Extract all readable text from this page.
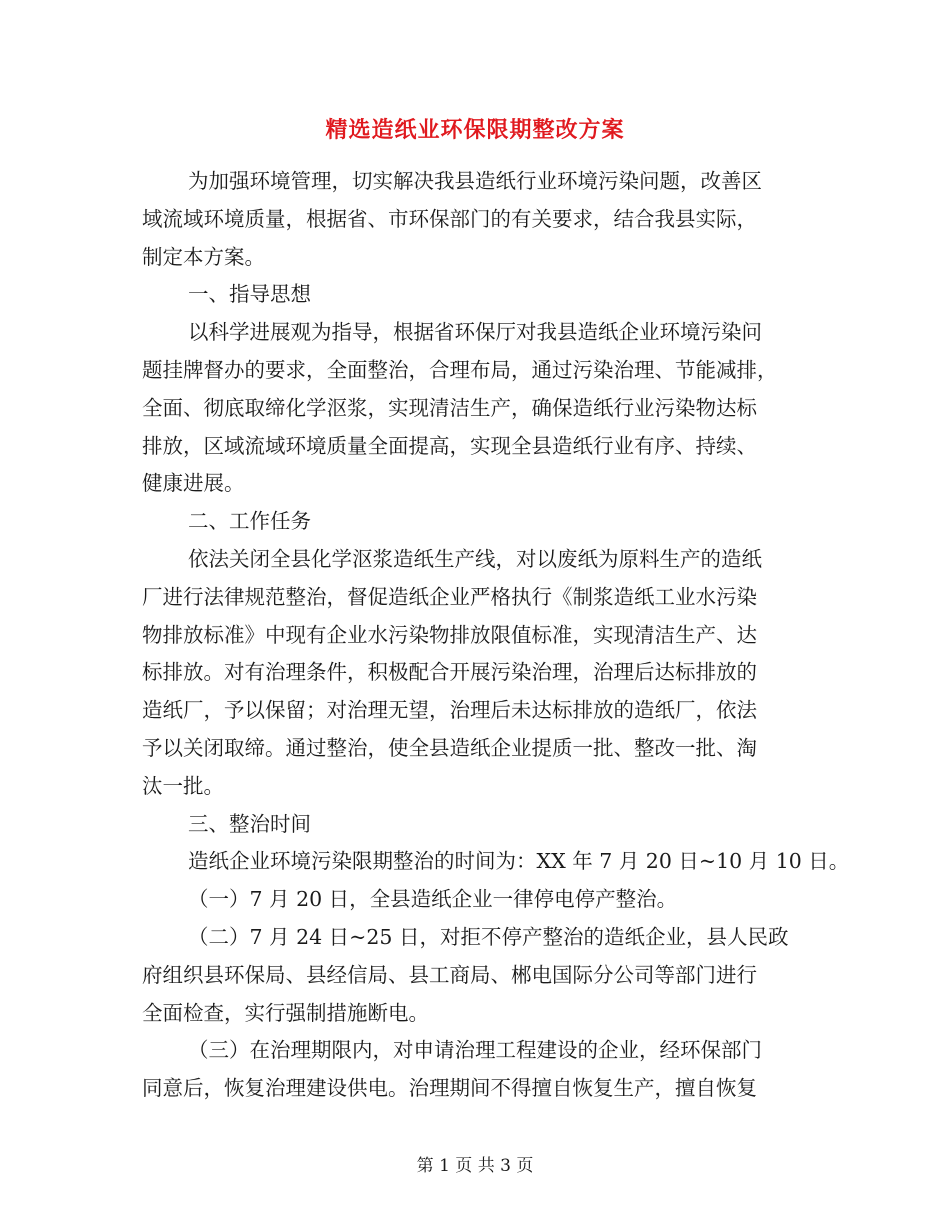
精选造纸业环保限期整改方案
为加强环境管理，切实解决我县造纸行业环境污染问题，改善区
域流域环境质量，根据省、市环保部门的有关要求，结合我县实际，
制定本方案。
一、指导思想
以科学进展观为指导，根据省环保厅对我县造纸企业环境污染问
题挂牌督办的要求，全面整治，合理布局，通过污染治理、节能减排，
全面、彻底取缔化学沤浆，实现清洁生产，确保造纸行业污染物达标
排放，区域流域环境质量全面提高，实现全县造纸行业有序、持续、
健康进展。
二、工作任务
依法关闭全县化学沤浆造纸生产线，对以废纸为原料生产的造纸
厂进行法律规范整治，督促造纸企业严格执行《制浆造纸工业水污染
物排放标准》中现有企业水污染物排放限值标准，实现清洁生产、达
标排放。对有治理条件，积极配合开展污染治理，治理后达标排放的
造纸厂，予以保留；对治理无望，治理后未达标排放的造纸厂，依法
予以关闭取缔。通过整治，使全县造纸企业提质一批、整改一批、淘
汰一批。
三、整治时间
造纸企业环境污染限期整治的时间为：XX 年 7 月 20 日~10 月 10 日。
（一）7 月 20 日，全县造纸企业一律停电停产整治。
（二）7 月 24 日~25 日，对拒不停产整治的造纸企业，县人民政
府组织县环保局、县经信局、县工商局、郴电国际分公司等部门进行
全面检查，实行强制措施断电。
（三）在治理期限内，对申请治理工程建设的企业，经环保部门
同意后，恢复治理建设供电。治理期间不得擅自恢复生产，擅自恢复
第 1 页 共 3 页
